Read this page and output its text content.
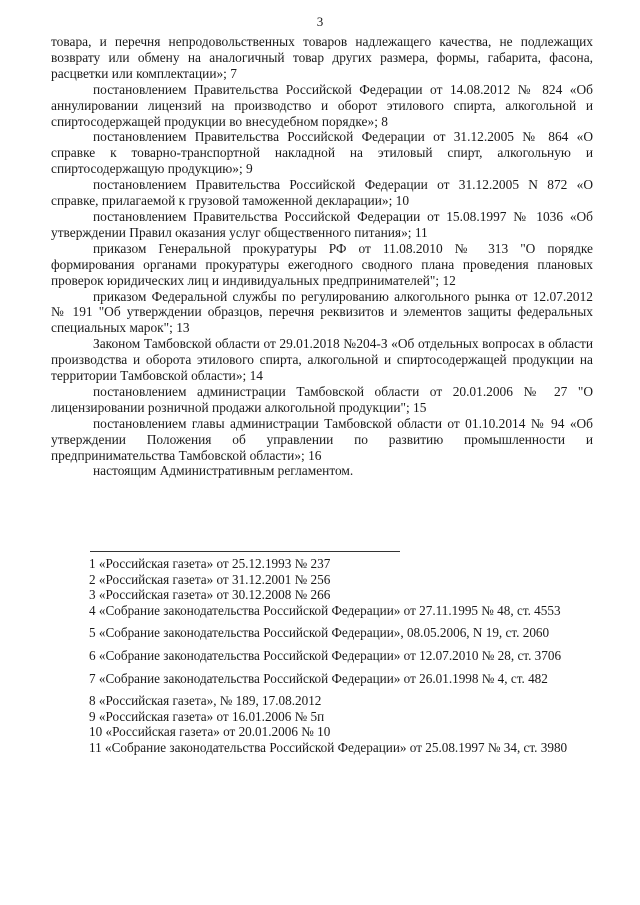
3

товара, и перечня непродовольственных товаров надлежащего качества, не подлежащих возврату или обмену на аналогичный товар других размера, формы, габарита, фасона, расцветки или комплектации»; 7

постановлением Правительства Российской Федерации от 14.08.2012 № 824 «Об аннулировании лицензий на производство и оборот этилового спирта, алкогольной и спиртосодержащей продукции во внесудебном порядке»; 8

постановлением Правительства Российской Федерации от 31.12.2005 № 864 «О справке к товарно-транспортной накладной на этиловый спирт, алкогольную и спиртосодержащую продукцию»; 9

постановлением Правительства Российской Федерации от 31.12.2005 N 872 «О справке, прилагаемой к грузовой таможенной декларации»; 10

постановлением Правительства Российской Федерации от 15.08.1997 № 1036 «Об утверждении Правил оказания услуг общественного питания»; 11

приказом Генеральной прокуратуры РФ от 11.08.2010 № 313 "О порядке формирования органами прокуратуры ежегодного сводного плана проведения плановых проверок юридических лиц и индивидуальных предпринимателей"; 12

приказом Федеральной службы по регулированию алкогольного рынка от 12.07.2012 № 191 "Об утверждении образцов, перечня реквизитов и элементов защиты федеральных специальных марок"; 13

Законом Тамбовской области от 29.01.2018 №204-З «Об отдельных вопросах в области производства и оборота этилового спирта, алкогольной и спиртосодержащей продукции на территории Тамбовской области»; 14

постановлением администрации Тамбовской области от 20.01.2006 № 27 "О лицензировании розничной продажи алкогольной продукции"; 15

постановлением главы администрации Тамбовской области от 01.10.2014 № 94 «Об утверждении Положения об управлении по развитию промышленности и предпринимательства Тамбовской области»; 16

настоящим Административным регламентом.

1 «Российская газета» от 25.12.1993 № 237

2 «Российская газета» от 31.12.2001 № 256

3 «Российская газета» от 30.12.2008 № 266

4 «Собрание законодательства Российской Федерации» от 27.11.1995 № 48, ст. 4553

5 «Собрание законодательства Российской Федерации», 08.05.2006, N 19, ст. 2060

6 «Собрание законодательства Российской Федерации» от 12.07.2010 № 28, ст. 3706

7 «Собрание законодательства Российской Федерации» от 26.01.1998 № 4, ст. 482

8 «Российская газета», № 189, 17.08.2012

9 «Российская газета» от 16.01.2006 № 5п

10 «Российская газета» от 20.01.2006 № 10

11 «Собрание законодательства Российской Федерации» от 25.08.1997 № 34, ст. 3980
